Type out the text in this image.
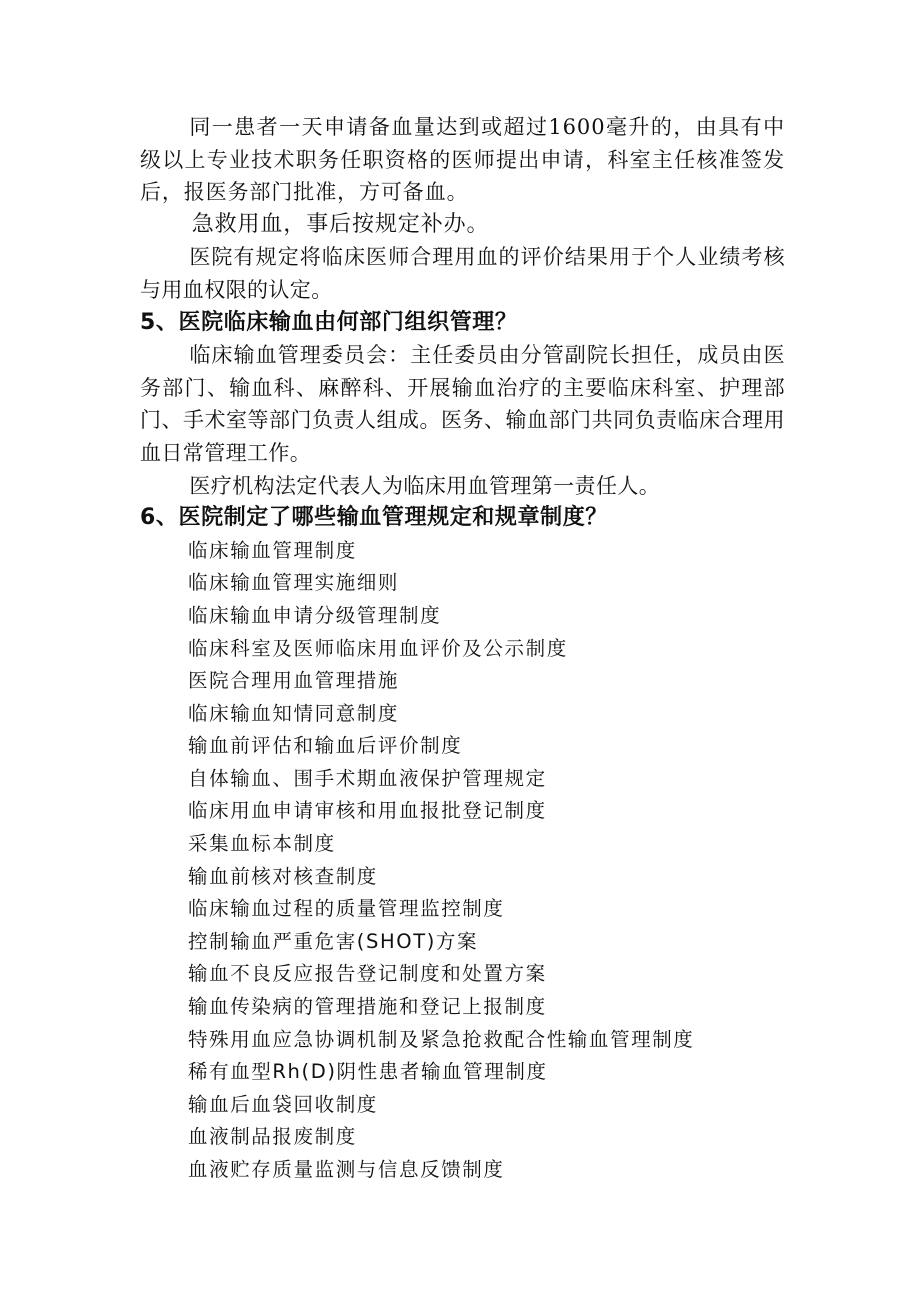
同一患者一天申请备血量达到或超过1600毫升的，由具有中级以上专业技术职务任职资格的医师提出申请，科室主任核准签发后，报医务部门批准，方可备血。

急救用血，事后按规定补办。

医院有规定将临床医师合理用血的评价结果用于个人业绩考核与用血权限的认定。

5、医院临床输血由何部门组织管理？

临床输血管理委员会：主任委员由分管副院长担任，成员由医务部门、输血科、麻醉科、开展输血治疗的主要临床科室、护理部门、手术室等部门负责人组成。医务、输血部门共同负责临床合理用血日常管理工作。

医疗机构法定代表人为临床用血管理第一责任人。

6、医院制定了哪些输血管理规定和规章制度？
临床输血管理制度
临床输血管理实施细则
临床输血申请分级管理制度
临床科室及医师临床用血评价及公示制度
医院合理用血管理措施
临床输血知情同意制度
输血前评估和输血后评价制度
自体输血、围手术期血液保护管理规定
临床用血申请审核和用血报批登记制度
采集血标本制度
输血前核对核查制度
临床输血过程的质量管理监控制度
控制输血严重危害(SHOT)方案
输血不良反应报告登记制度和处置方案
输血传染病的管理措施和登记上报制度
特殊用血应急协调机制及紧急抢救配合性输血管理制度
稀有血型Rh(D)阴性患者输血管理制度
输血后血袋回收制度
血液制品报废制度
血液贮存质量监测与信息反馈制度
